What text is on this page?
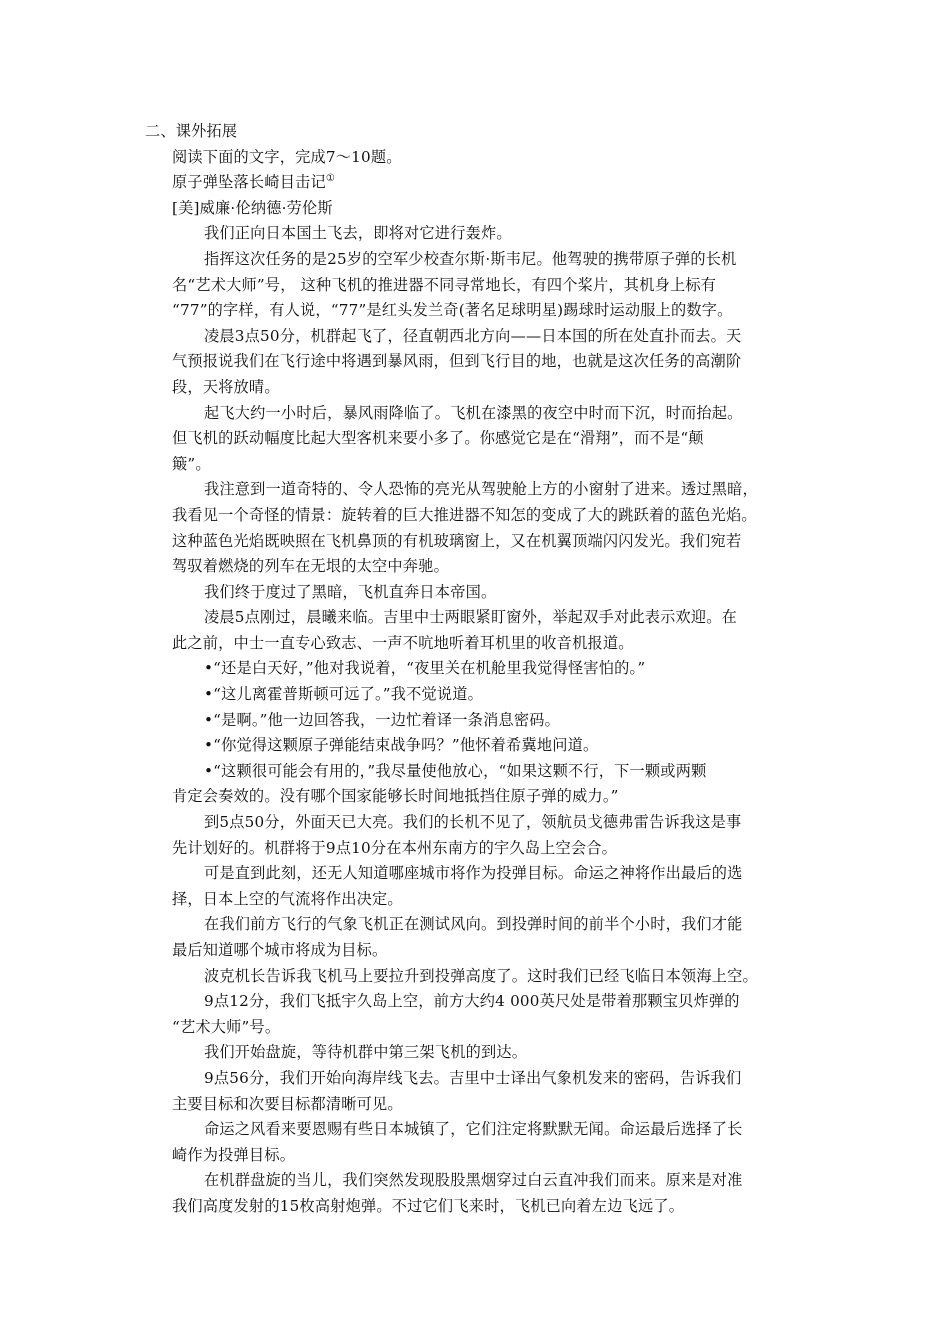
二、课外拓展
阅读下面的文字，完成7～10题。
原子弹坠落长崎目击记①
[美]威廉·伦纳德·劳伦斯

我们正向日本国土飞去，即将对它进行轰炸。

指挥这次任务的是25岁的空军少校查尔斯·斯韦尼。他驾驶的携带原子弹的长机
名“艺术大师”号， 这种飞机的推进器不同寻常地长，有四个桨片，其机身上标有
“77”的字样，有人说，“77”是红头发兰奇(著名足球明星)踢球时运动服上的数字。

凌晨3点50分，机群起飞了，径直朝西北方向——日本国的所在处直扑而去。天
气预报说我们在飞行途中将遇到暴风雨，但到飞行目的地，也就是这次任务的高潮阶
段，天将放晴。

起飞大约一小时后，暴风雨降临了。飞机在漆黑的夜空中时而下沉，时而抬起。
但飞机的跃动幅度比起大型客机来要小多了。你感觉它是在“滑翔”，而不是“颠
簸”。

我注意到一道奇特的、令人恐怖的亮光从驾驶舱上方的小窗射了进来。透过黑暗，
我看见一个奇怪的情景：旋转着的巨大推进器不知怎的变成了大的跳跃着的蓝色光焰。
这种蓝色光焰既映照在飞机鼻顶的有机玻璃窗上，又在机翼顶端闪闪发光。我们宛若
驾驭着燃烧的列车在无垠的太空中奔驰。

我们终于度过了黑暗，飞机直奔日本帝国。

凌晨5点刚过，晨曦来临。吉里中士两眼紧盯窗外，举起双手对此表示欢迎。在
此之前，中士一直专心致志、一声不吭地听着耳机里的收音机报道。

•“还是白天好，”他对我说着，“夜里关在机舱里我觉得怪害怕的。”

•“这儿离霍普斯顿可远了。”我不觉说道。

•“是啊。”他一边回答我，一边忙着译一条消息密码。

•“你觉得这颗原子弹能结束战争吗？”他怀着希冀地问道。

•“这颗很可能会有用的，”我尽量使他放心，“如果这颗不行，下一颗或两颗
肯定会奏效的。没有哪个国家能够长时间地抵挡住原子弹的威力。”

到5点50分，外面天已大亮。我们的长机不见了，领航员戈德弗雷告诉我这是事
先计划好的。机群将于9点10分在本州东南方的宇久岛上空会合。

可是直到此刻，还无人知道哪座城市将作为投弹目标。命运之神将作出最后的选
择，日本上空的气流将作出决定。

在我们前方飞行的气象飞机正在测试风向。到投弹时间的前半个小时，我们才能
最后知道哪个城市将成为目标。

波克机长告诉我飞机马上要拉升到投弹高度了。这时我们已经飞临日本领海上空。

9点12分，我们飞抵宇久岛上空，前方大约4 000英尺处是带着那颗宝贝炸弹的
“艺术大师”号。

我们开始盘旋，等待机群中第三架飞机的到达。

9点56分，我们开始向海岸线飞去。吉里中士译出气象机发来的密码，告诉我们
主要目标和次要目标都清晰可见。

命运之风看来要恩赐有些日本城镇了，它们注定将默默无闻。命运最后选择了长
崎作为投弹目标。

在机群盘旋的当儿，我们突然发现股股黑烟穿过白云直冲我们而来。原来是对准
我们高度发射的15枚高射炮弹。不过它们飞来时，飞机已向着左边飞远了。
